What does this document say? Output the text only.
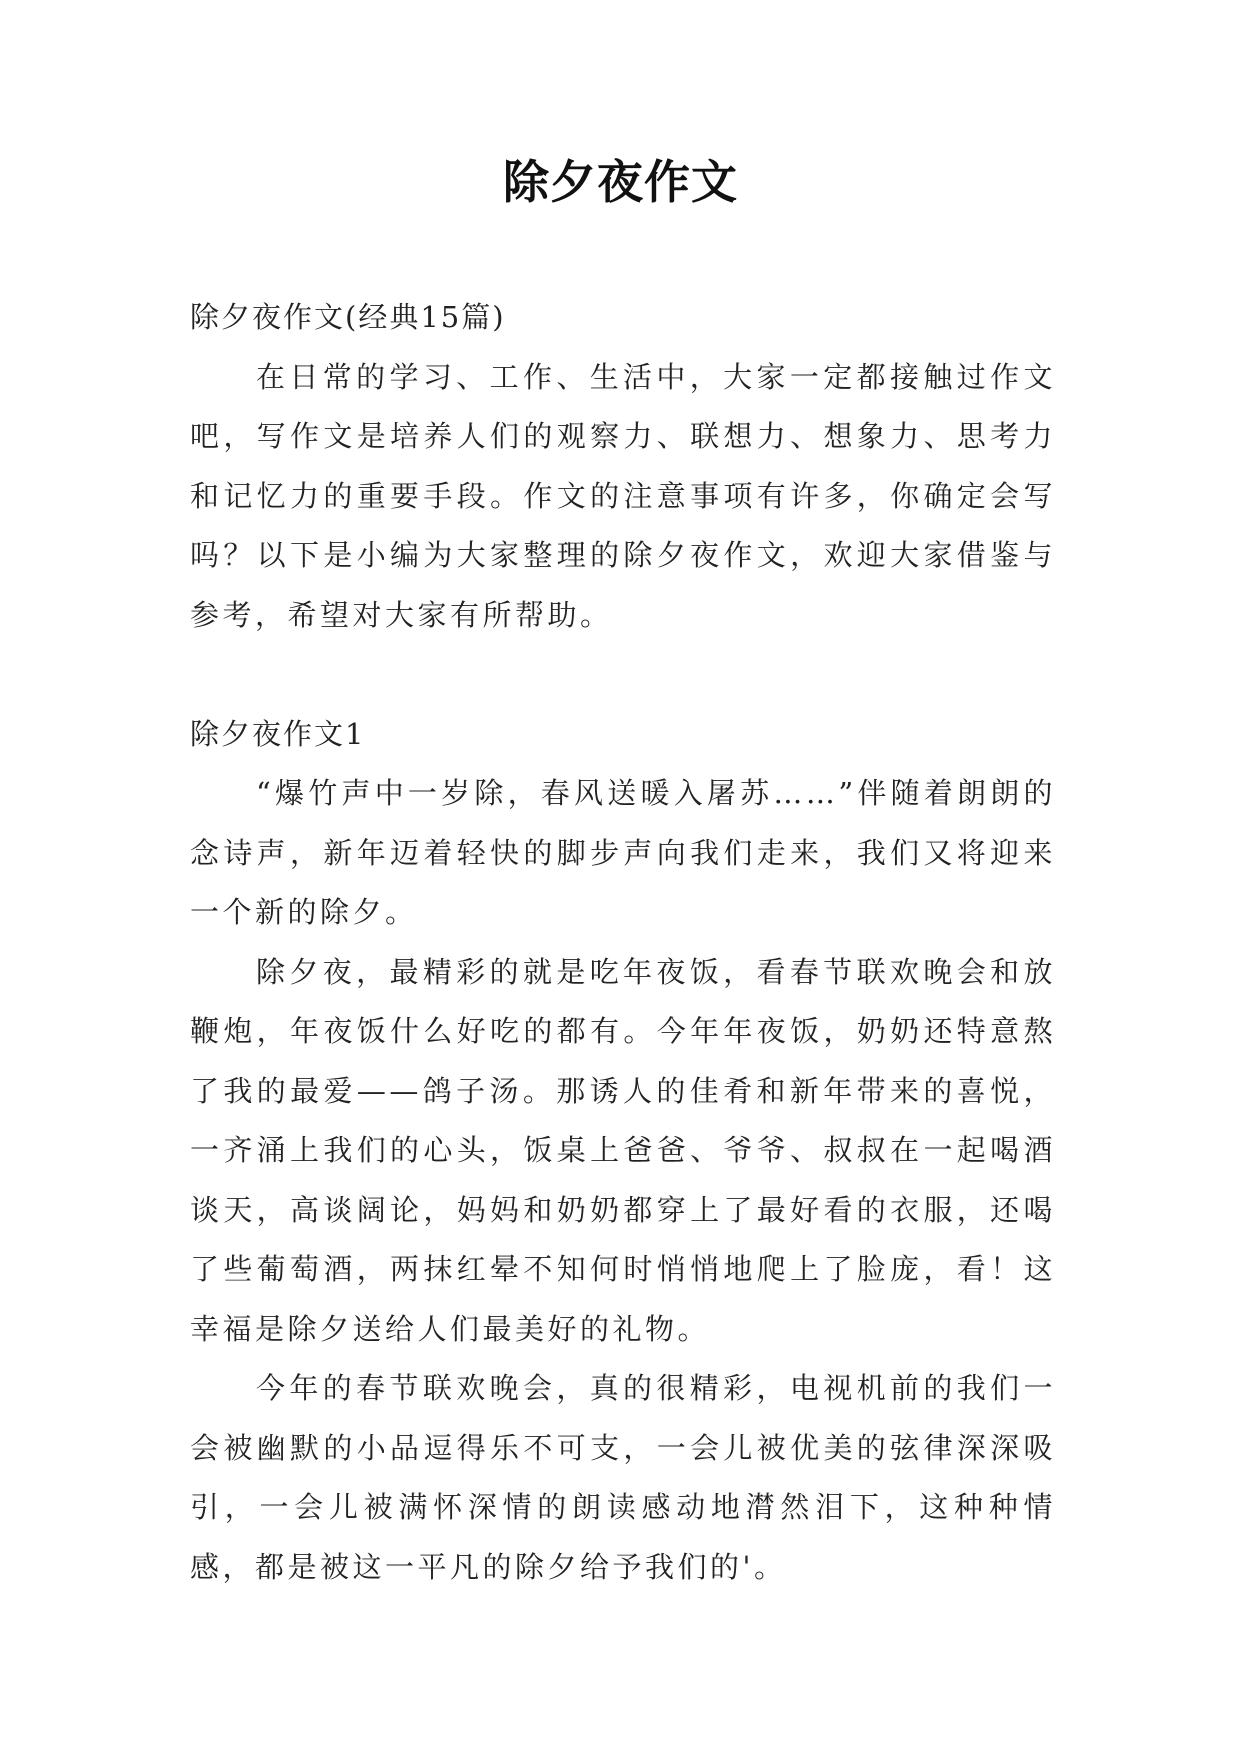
除夕夜作文

除夕夜作文(经典15篇)

在日常的学习、工作、生活中，大家一定都接触过作文吧，写作文是培养人们的观察力、联想力、想象力、思考力和记忆力的重要手段。作文的注意事项有许多，你确定会写吗？以下是小编为大家整理的除夕夜作文，欢迎大家借鉴与参考，希望对大家有所帮助。

除夕夜作文1

“爆竹声中一岁除，春风送暖入屠苏……”伴随着朗朗的念诗声，新年迈着轻快的脚步声向我们走来，我们又将迎来一个新的除夕。

除夕夜，最精彩的就是吃年夜饭，看春节联欢晚会和放鞭炮，年夜饭什么好吃的都有。今年年夜饭，奶奶还特意熬了我的最爱——鸽子汤。那诱人的佳肴和新年带来的喜悦，一齐涌上我们的心头，饭桌上爸爸、爷爷、叔叔在一起喝酒谈天，高谈阔论，妈妈和奶奶都穿上了最好看的衣服，还喝了些葡萄酒，两抹红晕不知何时悄悄地爬上了脸庞，看！这幸福是除夕送给人们最美好的礼物。

今年的春节联欢晚会，真的很精彩，电视机前的我们一会被幽默的小品逗得乐不可支，一会儿被优美的弦律深深吸引，一会儿被满怀深情的朗读感动地潸然泪下，这种种情感，都是被这一平凡的除夕给予我们的'。
